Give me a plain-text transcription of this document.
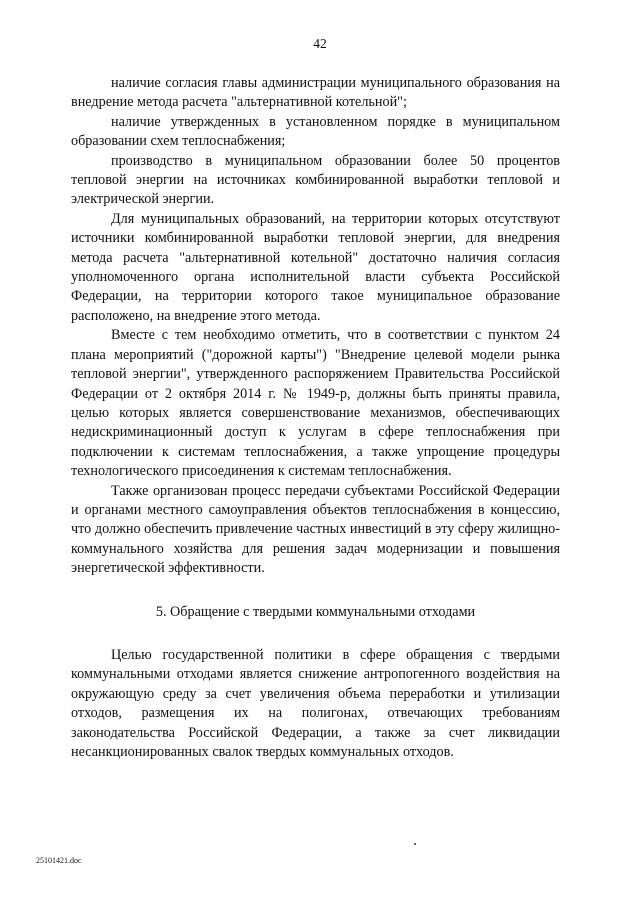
42

наличие согласия главы администрации муниципального образования на внедрение метода расчета "альтернативной котельной";

наличие утвержденных в установленном порядке в муниципальном образовании схем теплоснабжения;

производство в муниципальном образовании более 50 процентов тепловой энергии на источниках комбинированной выработки тепловой и электрической энергии.

Для муниципальных образований, на территории которых отсутствуют источники комбинированной выработки тепловой энергии, для внедрения метода расчета "альтернативной котельной" достаточно наличия согласия уполномоченного органа исполнительной власти субъекта Российской Федерации, на территории которого такое муниципальное образование расположено, на внедрение этого метода.

Вместе с тем необходимо отметить, что в соответствии с пунктом 24 плана мероприятий ("дорожной карты") "Внедрение целевой модели рынка тепловой энергии", утвержденного распоряжением Правительства Российской Федерации от 2 октября 2014 г. № 1949-р, должны быть приняты правила, целью которых является совершенствование механизмов, обеспечивающих недискриминационный доступ к услугам в сфере теплоснабжения при подключении к системам теплоснабжения, а также упрощение процедуры технологического присоединения к системам теплоснабжения.

Также организован процесс передачи субъектами Российской Федерации и органами местного самоуправления объектов теплоснабжения в концессию, что должно обеспечить привлечение частных инвестиций в эту сферу жилищно-коммунального хозяйства для решения задач модернизации и повышения энергетической эффективности.

5. Обращение с твердыми коммунальными отходами

Целью государственной политики в сфере обращения с твердыми коммунальными отходами является снижение антропогенного воздействия на окружающую среду за счет увеличения объема переработки и утилизации отходов, размещения их на полигонах, отвечающих требованиям законодательства Российской Федерации, а также за счет ликвидации несанкционированных свалок твердых коммунальных отходов.

25101421.doc
